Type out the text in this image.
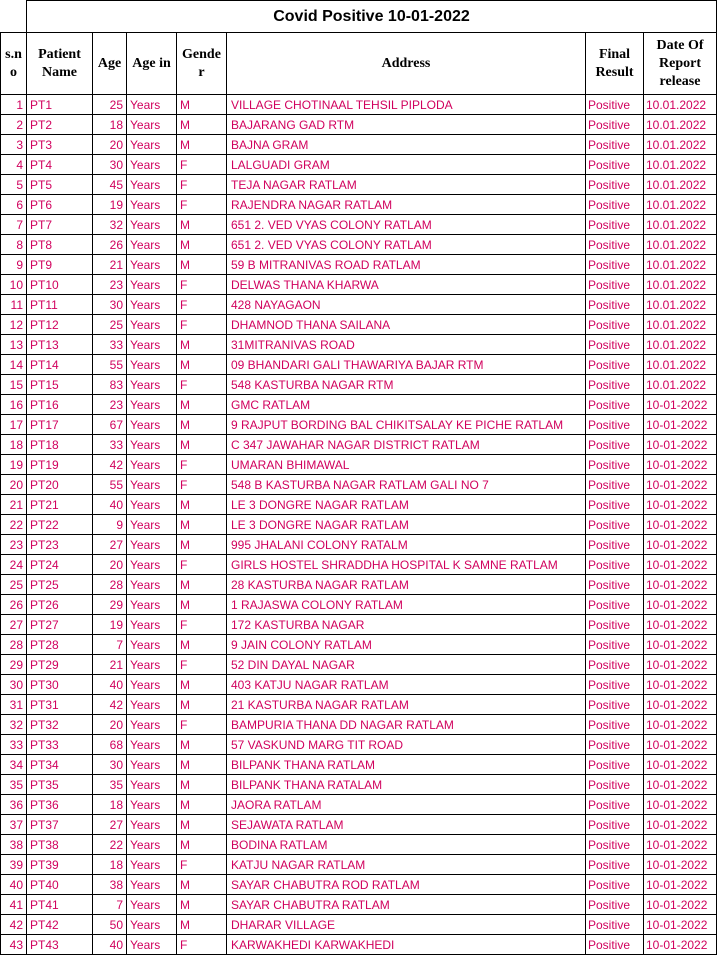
	Covid Positive 10-01-2022						
s.n o	Patient Name	Age	Age in	Gende r	Address	Final Result	Date Of Report release
1	PT1	25	Years	M	VILLAGE CHOTINAAL TEHSIL PIPLODA	Positive	10.01.2022
2	PT2	18	Years	M	BAJARANG GAD RTM	Positive	10.01.2022
3	PT3	20	Years	M	BAJNA GRAM	Positive	10.01.2022
4	PT4	30	Years	F	LALGUADI GRAM	Positive	10.01.2022
5	PT5	45	Years	F	TEJA NAGAR RATLAM	Positive	10.01.2022
6	PT6	19	Years	F	RAJENDRA NAGAR RATLAM	Positive	10.01.2022
7	PT7	32	Years	M	651 2. VED VYAS COLONY RATLAM	Positive	10.01.2022
8	PT8	26	Years	M	651 2. VED VYAS COLONY RATLAM	Positive	10.01.2022
9	PT9	21	Years	M	59 B MITRANIVAS ROAD RATLAM	Positive	10.01.2022
10	PT10	23	Years	F	DELWAS THANA KHARWA	Positive	10.01.2022
11	PT11	30	Years	F	428 NAYAGAON	Positive	10.01.2022
12	PT12	25	Years	F	DHAMNOD THANA SAILANA	Positive	10.01.2022
13	PT13	33	Years	M	31MITRANIVAS ROAD	Positive	10.01.2022
14	PT14	55	Years	M	09 BHANDARI GALI THAWARIYA BAJAR RTM	Positive	10.01.2022
15	PT15	83	Years	F	548 KASTURBA NAGAR RTM	Positive	10.01.2022
16	PT16	23	Years	M	GMC RATLAM	Positive	10-01-2022
17	PT17	67	Years	M	9 RAJPUT BORDING BAL CHIKITSALAY KE PICHE RATLAM	Positive	10-01-2022
18	PT18	33	Years	M	C 347 JAWAHAR NAGAR DISTRICT RATLAM	Positive	10-01-2022
19	PT19	42	Years	F	UMARAN BHIMAWAL	Positive	10-01-2022
20	PT20	55	Years	F	548 B KASTURBA NAGAR RATLAM GALI NO 7	Positive	10-01-2022
21	PT21	40	Years	M	LE 3 DONGRE NAGAR RATLAM	Positive	10-01-2022
22	PT22	9	Years	M	LE 3 DONGRE NAGAR RATLAM	Positive	10-01-2022
23	PT23	27	Years	M	995 JHALANI COLONY RATALM	Positive	10-01-2022
24	PT24	20	Years	F	GIRLS HOSTEL SHRADDHA HOSPITAL K SAMNE RATLAM	Positive	10-01-2022
25	PT25	28	Years	M	28 KASTURBA NAGAR RATLAM	Positive	10-01-2022
26	PT26	29	Years	M	1 RAJASWA COLONY RATLAM	Positive	10-01-2022
27	PT27	19	Years	F	172 KASTURBA NAGAR	Positive	10-01-2022
28	PT28	7	Years	M	9 JAIN COLONY RATLAM	Positive	10-01-2022
29	PT29	21	Years	F	52 DIN DAYAL NAGAR	Positive	10-01-2022
30	PT30	40	Years	M	403 KATJU NAGAR RATLAM	Positive	10-01-2022
31	PT31	42	Years	M	21 KASTURBA NAGAR RATLAM	Positive	10-01-2022
32	PT32	20	Years	F	BAMPURIA THANA DD NAGAR RATLAM	Positive	10-01-2022
33	PT33	68	Years	M	57 VASKUND MARG TIT ROAD	Positive	10-01-2022
34	PT34	30	Years	M	BILPANK THANA RATLAM	Positive	10-01-2022
35	PT35	35	Years	M	BILPANK THANA RATALAM	Positive	10-01-2022
36	PT36	18	Years	M	JAORA RATLAM	Positive	10-01-2022
37	PT37	27	Years	M	SEJAWATA RATLAM	Positive	10-01-2022
38	PT38	22	Years	M	BODINA RATLAM	Positive	10-01-2022
39	PT39	18	Years	F	KATJU NAGAR RATLAM	Positive	10-01-2022
40	PT40	38	Years	M	SAYAR CHABUTRA ROD RATLAM	Positive	10-01-2022
41	PT41	7	Years	M	SAYAR CHABUTRA RATLAM	Positive	10-01-2022
42	PT42	50	Years	M	DHARAR VILLAGE	Positive	10-01-2022
43	PT43	40	Years	F	KARWAKHEDI KARWAKHEDI	Positive	10-01-2022
